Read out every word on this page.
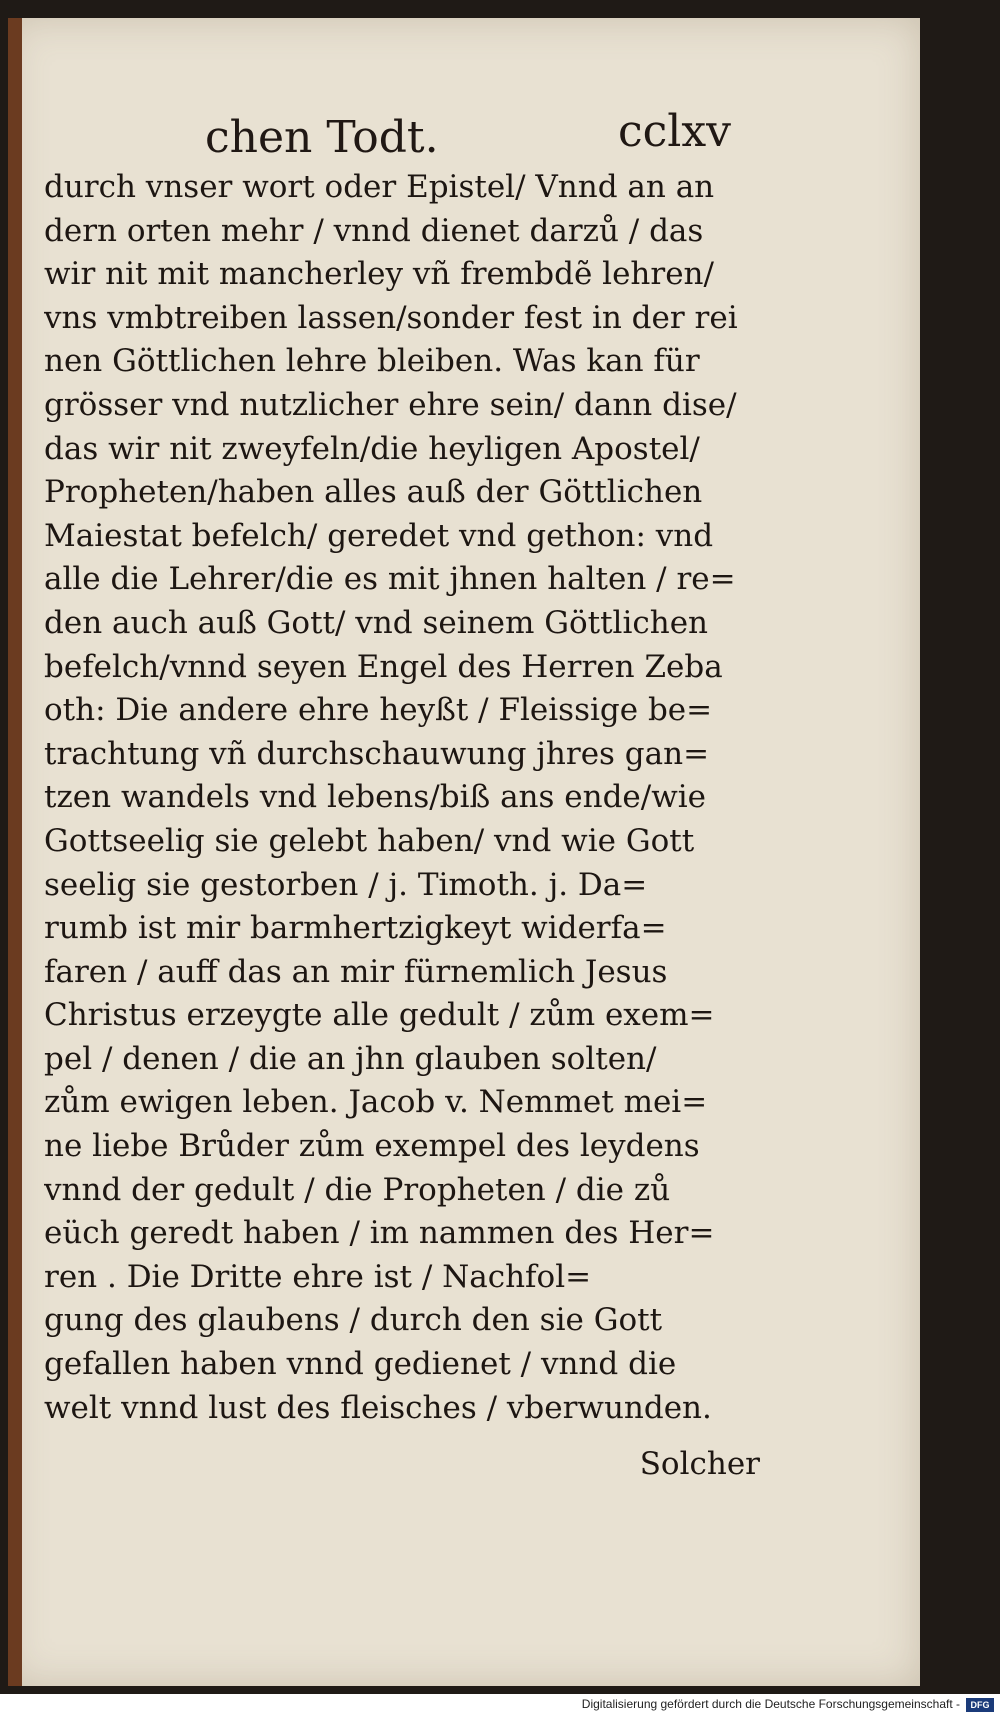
chen Todt.	cclxv
durch vnser wort oder Epistel/ Vnnd an an
dern orten mehr / vnnd dienet darzů / das
wir nit mit mancherley vñ frembdẽ lehren/
vns vmbtreiben lassen/sonder fest in der rei
nen Göttlichen lehre bleiben. Was kan für
grösser vnd nutzlicher ehre sein/ dann dise/
das wir nit zweyfeln/die heyligen Apostel/
Propheten/haben alles auß der Göttlichen
Maiestat befelch/ geredet vnd gethon: vnd
alle die Lehrer/die es mit jhnen halten / re=
den auch auß Gott/ vnd seinem Göttlichen
befelch/vnnd seyen Engel des Herren Zeba
oth: Die andere ehre heyßt / Fleissige be=
trachtung vñ durchschauwung jhres gan=
tzen wandels vnd lebens/biß ans ende/wie
Gottseelig sie gelebt haben/ vnd wie Gott
seelig sie gestorben / j. Timoth. j. Da=
rumb ist mir barmhertzigkeyt widerfa=
faren / auff das an mir fürnemlich Jesus
Christus erzeygte alle gedult / zům exem=
pel / denen / die an jhn glauben solten/
zům ewigen leben. Jacob v. Nemmet mei=
ne liebe Brůder zům exempel des leydens
vnnd der gedult / die Propheten / die zů
eüch geredt haben / im nammen des Her=
ren . Die Dritte ehre ist / Nachfol=
gung des glaubens / durch den sie Gott
gefallen haben vnnd gedienet / vnnd die
welt vnnd lust des fleisches / vberwunden.
Solcher
Digitalisierung gefördert durch die Deutsche Forschungsgemeinschaft -	DFG
